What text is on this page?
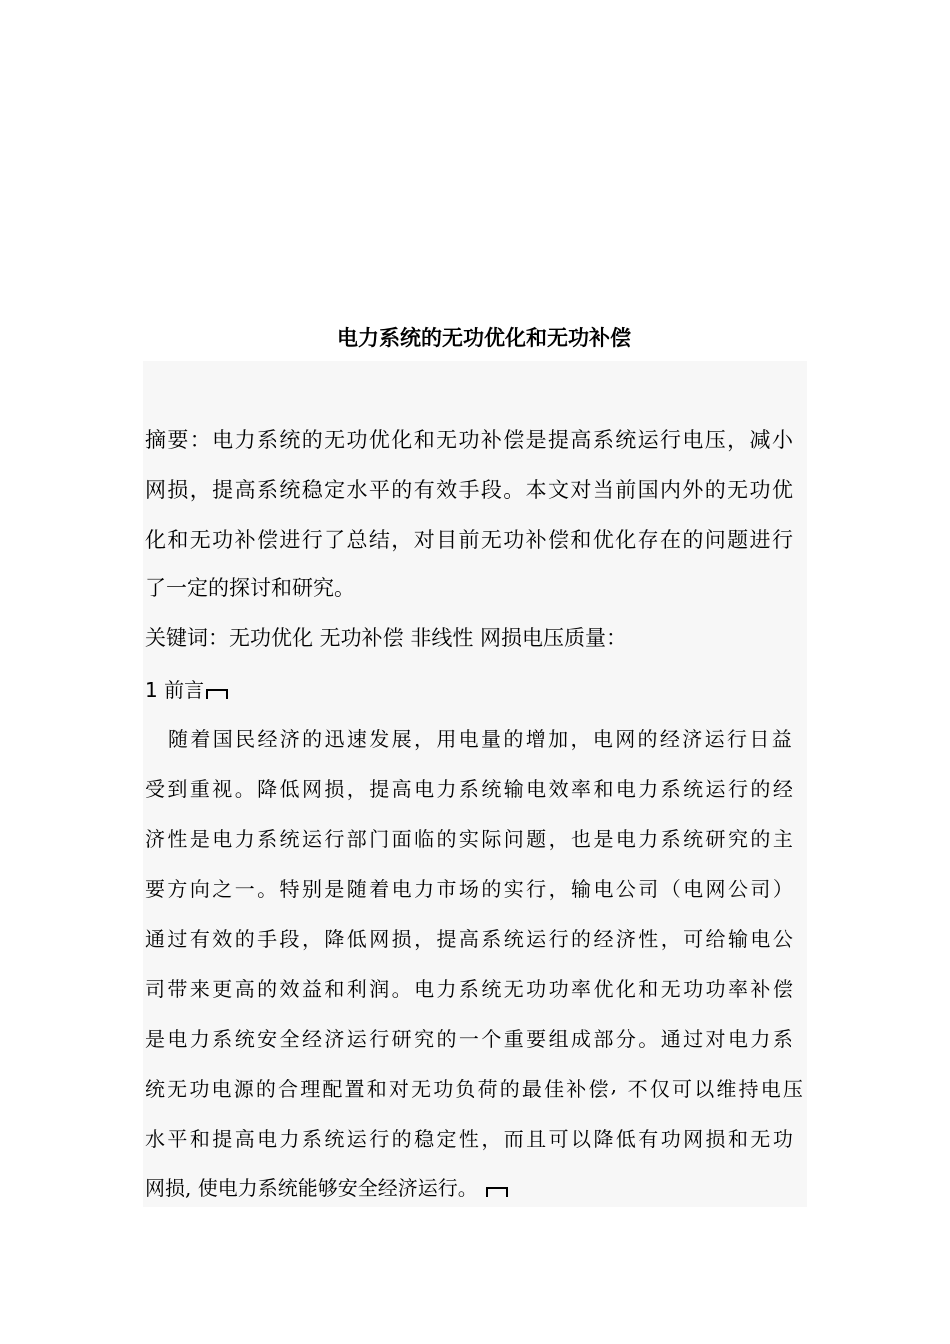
电力系统的无功优化和无功补偿
摘 要 ： 电 力 系 统 的 无 功 优 化 和 无 功 补 偿 是 提 高 系 统 运 行 电 压 ， 减 小
网 损 ， 提 高 系 统 稳 定 水 平 的 有 效 手 段 。 本 文 对 当 前 国 内 外 的 无 功 优
化 和 无 功 补 偿 进 行 了 总 结 ， 对 目 前 无 功 补 偿 和 优 化 存 在 的 问 题 进 行
了一定的探讨和研究。
关键词：无功优化 无功补偿 非线性 网损电压质量：
1 前言
随 着 国 民 经 济 的 迅 速 发 展 ， 用 电 量 的 增 加 ， 电 网 的 经 济 运 行 日 益
受 到 重 视 。 降 低 网 损 ， 提 高 电 力 系 统 输 电 效 率 和 电 力 系 统 运 行 的 经
济 性 是 电 力 系 统 运 行 部 门 面 临 的 实 际 问 题 ， 也 是 电 力 系 统 研 究 的 主
要 方 向 之 一 。 特 别 是 随 着 电 力 市 场 的 实 行 ， 输 电 公 司 （ 电 网 公 司 ）
通 过 有 效 的 手 段 ， 降 低 网 损 ， 提 高 系 统 运 行 的 经 济 性 ， 可 给 输 电 公
司 带 来 更 高 的 效 益 和 利 润 。 电 力 系 统 无 功 功 率 优 化 和 无 功 功 率 补 偿
是 电 力 系 统 安 全 经 济 运 行 研 究 的 一 个 重 要 组 成 部 分 。 通 过 对 电 力 系
统 无 功 电 源 的 合 理 配 置 和 对 无 功 负 荷 的 最 佳 补 偿 ,
不 仅 可 以 维 持 电 压
水 平 和 提 高 电 力 系 统 运 行 的 稳 定 性 ， 而 且 可 以 降 低 有 功 网 损 和 无 功
网损, 使电力系统能够安全经济运行。
